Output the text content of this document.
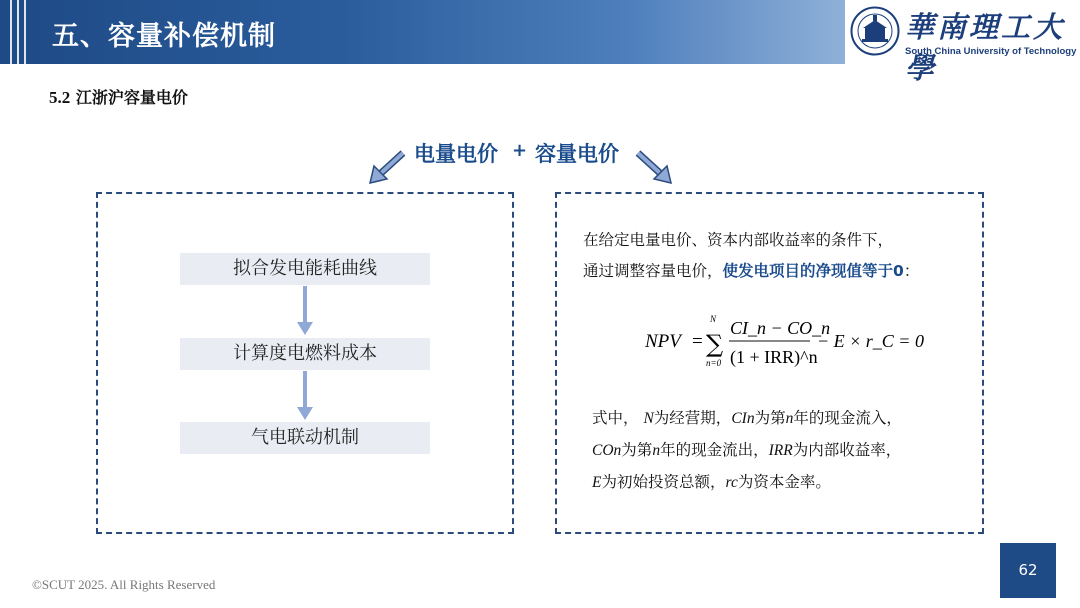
五、容量补偿机制	華南理工大學
South China University of Technology
5.2 江浙沪容量电价
电量电价 + 容量电价
拟合发电能耗曲线
计算度电燃料成本
气电联动机制
在给定电量电价、资本内部收益率的条件下，
通过调整容量电价，使发电项目的净现值等于0：
NPV =
N
∑
n=0
CI_n − CO_n
(1 + IRR)^n
− E × r_C = 0
式中， N为经营期，CIn为第n年的现金流入，
COn为第n年的现金流出，IRR为内部收益率，
E为初始投资总额，rc为资本金率。
62
©SCUT 2025. All Rights Reserved
